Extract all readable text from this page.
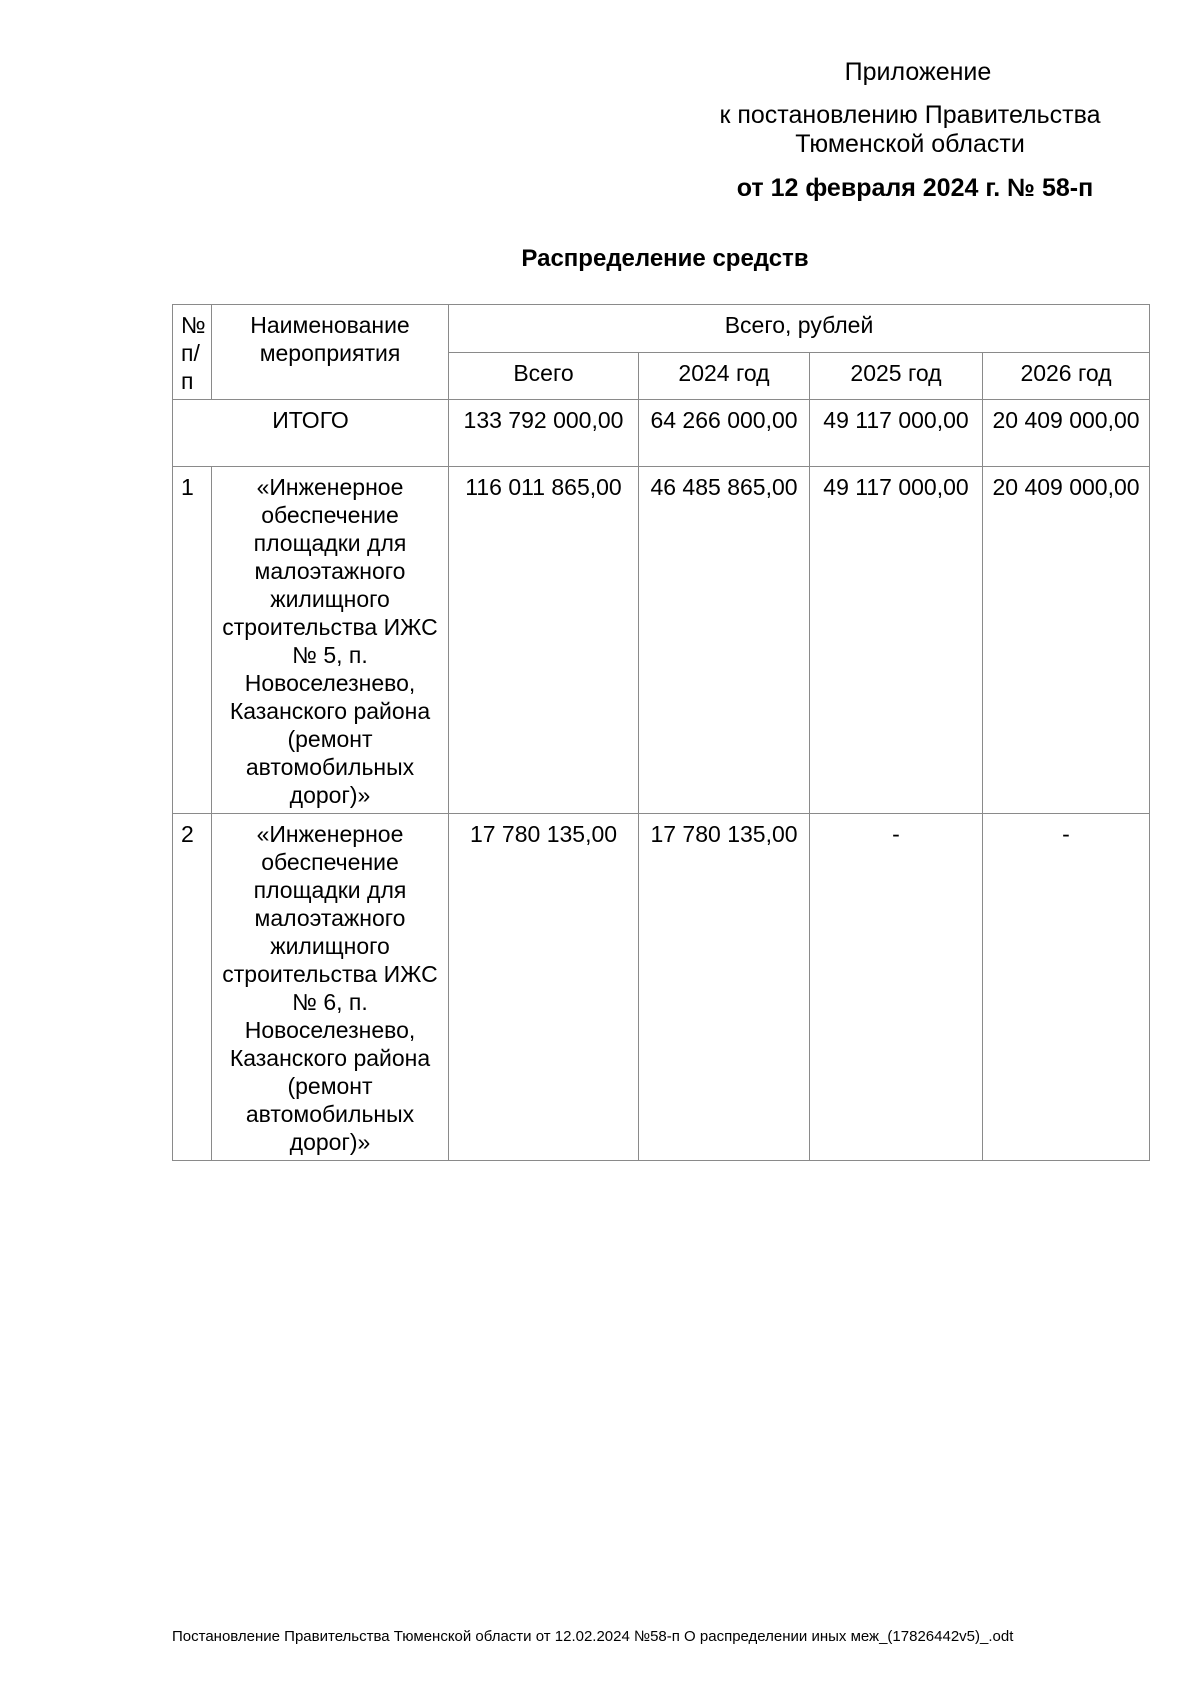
Приложение
к постановлению Правительства
Тюменской области
от 12 февраля 2024 г. № 58-п
Распределение средств
№ п/ п	Наименование мероприятия	Всего, рублей			
		Всего	2024 год	2025 год	2026 год
ИТОГО		133 792 000,00	64 266 000,00	49 117 000,00	20 409 000,00
1	«Инженерное обеспечение площадки для малоэтажного жилищного строительства ИЖС № 5, п. Новоселезнево, Казанского района (ремонт автомобильных дорог)»	116 011 865,00	46 485 865,00	49 117 000,00	20 409 000,00
2	«Инженерное обеспечение площадки для малоэтажного жилищного строительства ИЖС № 6, п. Новоселезнево, Казанского района (ремонт автомобильных дорог)»	17 780 135,00	17 780 135,00	-	-
Постановление Правительства Тюменской области от 12.02.2024 №58-п О распределении иных меж_(17826442v5)_.odt
